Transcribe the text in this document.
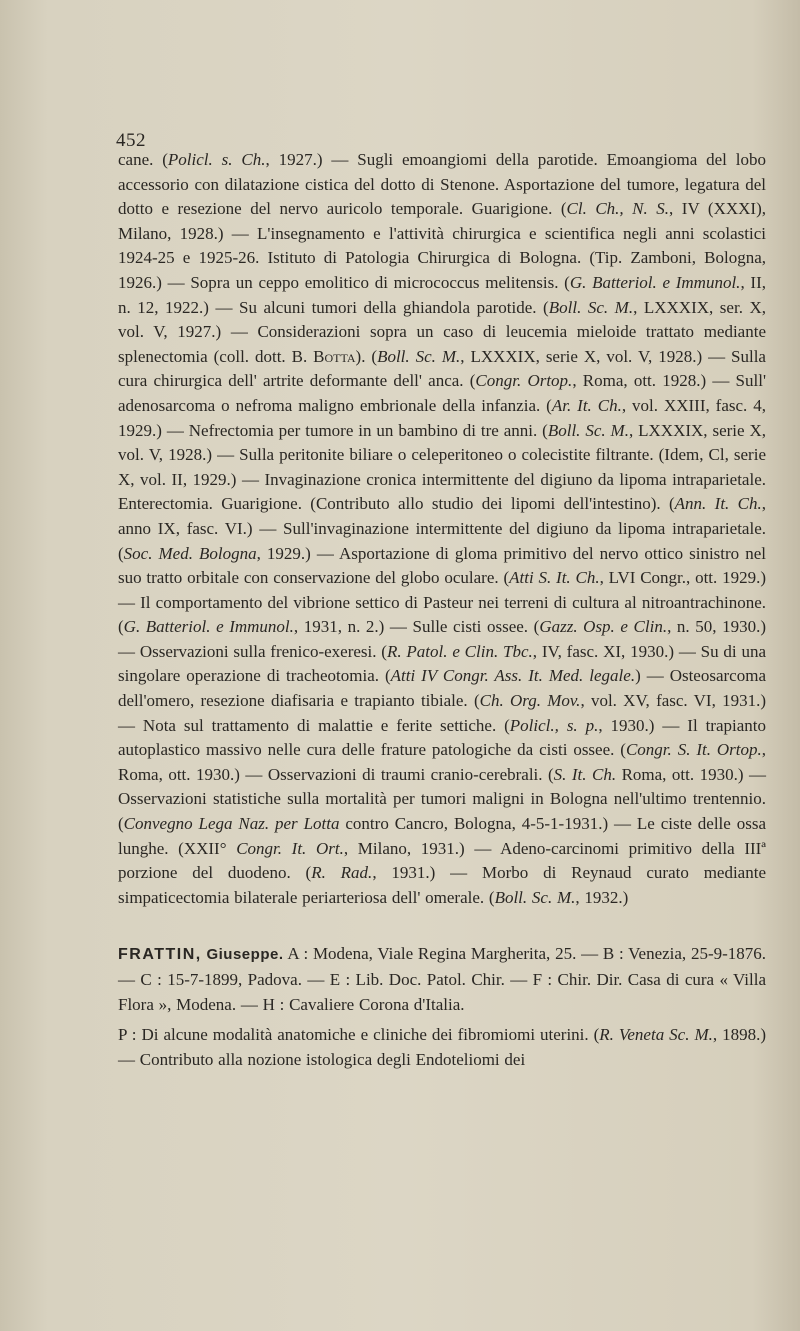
452

cane. (Policl. s. Ch., 1927.) — Sugli emoangiomi della parotide. Emoangioma del lobo accessorio con dilatazione cistica del dotto di Stenone. Asportazione del tumore, legatura del dotto e resezione del nervo auricolo temporale. Guarigione. (Cl. Ch., N. S., IV (XXXI), Milano, 1928.) — L'insegnamento e l'attività chirurgica e scientifica negli anni scolastici 1924-25 e 1925-26. Istituto di Patologia Chirurgica di Bologna. (Tip. Zamboni, Bologna, 1926.) — Sopra un ceppo emolitico di micrococcus melitensis. (G. Batteriol. e Immunol., II, n. 12, 1922.) — Su alcuni tumori della ghiandola parotide. (Boll. Sc. M., LXXXIX, ser. X, vol. V, 1927.) — Considerazioni sopra un caso di leucemia mieloide trattato mediante splenectomia (coll. dott. B. Botta). (Boll. Sc. M., LXXXIX, serie X, vol. V, 1928.) — Sulla cura chirurgica dell' artrite deformante dell' anca. (Congr. Ortop., Roma, ott. 1928.) — Sull' adenosarcoma o nefroma maligno embrionale della infanzia. (Ar. It. Ch., vol. XXIII, fasc. 4, 1929.) — Nefrectomia per tumore in un bambino di tre anni. (Boll. Sc. M., LXXXIX, serie X, vol. V, 1928.) — Sulla peritonite biliare o celeperitoneo o colecistite filtrante. (Idem, Cl, serie X, vol. II, 1929.) — Invaginazione cronica intermittente del digiuno da lipoma intraparietale. Enterectomia. Guarigione. (Contributo allo studio dei lipomi dell'intestino). (Ann. It. Ch., anno IX, fasc. VI.) — Sull'invaginazione intermittente del digiuno da lipoma intraparietale. (Soc. Med. Bologna, 1929.) — Asportazione di gloma primitivo del nervo ottico sinistro nel suo tratto orbitale con conservazione del globo oculare. (Atti S. It. Ch., LVI Congr., ott. 1929.) — Il comportamento del vibrione settico di Pasteur nei terreni di cultura al nitroantrachinone. (G. Batteriol. e Immunol., 1931, n. 2.) — Sulle cisti ossee. (Gazz. Osp. e Clin., n. 50, 1930.) — Osservazioni sulla frenico-exeresi. (R. Patol. e Clin. Tbc., IV, fasc. XI, 1930.) — Su di una singolare operazione di tracheotomia. (Atti IV Congr. Ass. It. Med. legale.) — Osteosarcoma dell'omero, resezione diafisaria e trapianto tibiale. (Ch. Org. Mov., vol. XV, fasc. VI, 1931.) — Nota sul trattamento di malattie e ferite settiche. (Policl., s. p., 1930.) — Il trapianto autoplastico massivo nelle cura delle frature patologiche da cisti ossee. (Congr. S. It. Ortop., Roma, ott. 1930.) — Osservazioni di traumi cranio-cerebrali. (S. It. Ch. Roma, ott. 1930.) — Osservazioni statistiche sulla mortalità per tumori maligni in Bologna nell'ultimo trentennio. (Convegno Lega Naz. per Lotta contro Cancro, Bologna, 4-5-1-1931.) — Le ciste delle ossa lunghe. (XXII° Congr. It. Ort., Milano, 1931.) — Adeno-carcinomi primitivo della IIIª porzione del duodeno. (R. Rad., 1931.) — Morbo di Reynaud curato mediante simpaticectomia bilaterale periarteriosa dell' omerale. (Boll. Sc. M., 1932.)

FRATTIN, Giuseppe. A : Modena, Viale Regina Margherita, 25. — B : Venezia, 25-9-1876. — C : 15-7-1899, Padova. — E : Lib. Doc. Patol. Chir. — F : Chir. Dir. Casa di cura « Villa Flora », Modena. — H : Cavaliere Corona d'Italia.

P : Di alcune modalità anatomiche e cliniche dei fibromiomi uterini. (R. Veneta Sc. M., 1898.) — Contributo alla nozione istologica degli Endoteliomi dei
